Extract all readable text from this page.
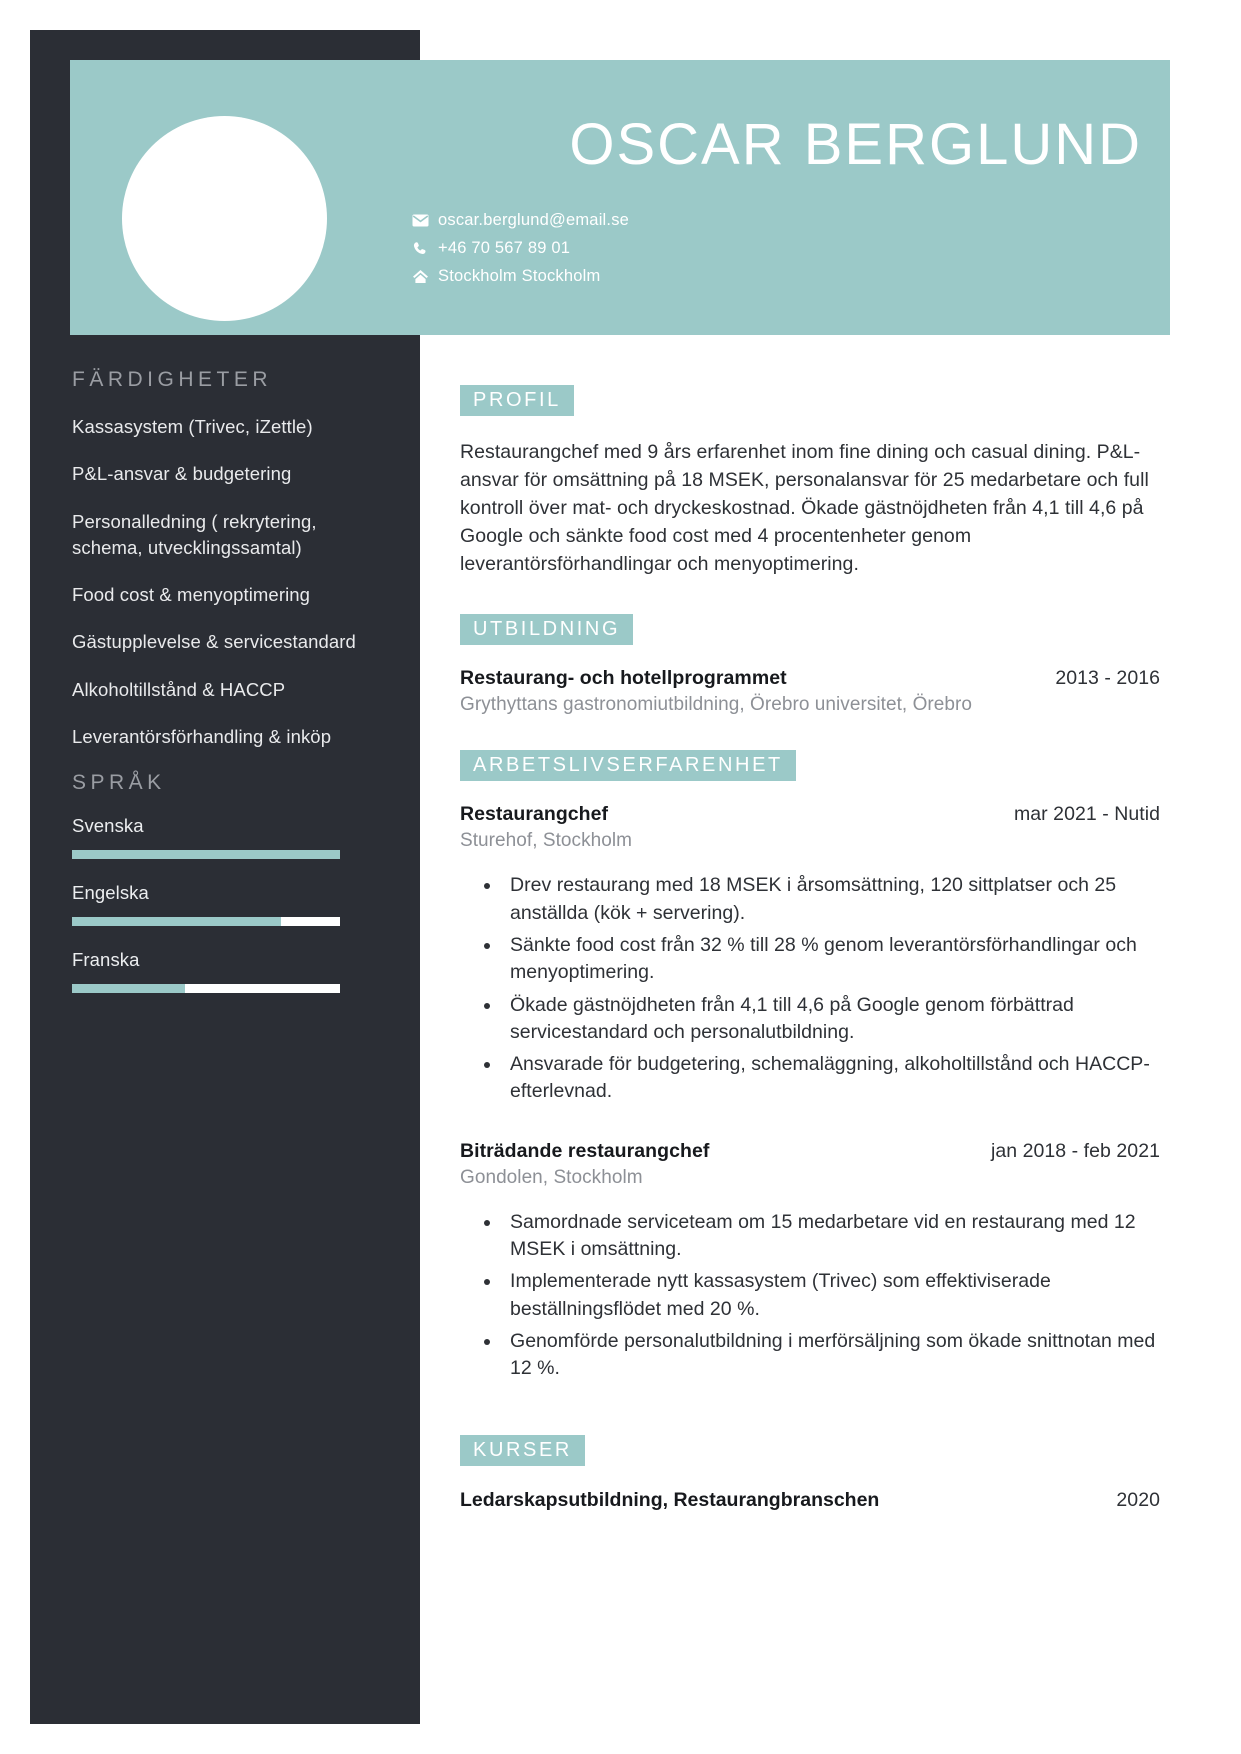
OSCAR BERGLUND
oscar.berglund@email.se
+46 70 567 89 01
Stockholm Stockholm
FÄRDIGHETER
Kassasystem (Trivec, iZettle)
P&L-ansvar & budgetering
Personalledning ( rekrytering, schema, utvecklingssamtal)
Food cost & menyoptimering
Gästupplevelse & servicestandard
Alkoholtillstånd & HACCP
Leverantörsförhandling & inköp
SPRÅK
Svenska
Engelska
Franska
PROFIL
Restaurangchef med 9 års erfarenhet inom fine dining och casual dining. P&L-ansvar för omsättning på 18 MSEK, personalansvar för 25 medarbetare och full kontroll över mat- och dryckeskostnad. Ökade gästnöjdheten från 4,1 till 4,6 på Google och sänkte food cost med 4 procentenheter genom leverantörsförhandlingar och menyoptimering.
UTBILDNING
Restaurang- och hotellprogrammet	2013 - 2016
Grythyttans gastronomiutbildning, Örebro universitet, Örebro
ARBETSLIVSERFARENHET
Restaurangchef	mar 2021 - Nutid
Sturehof, Stockholm
• Drev restaurang med 18 MSEK i årsomsättning, 120 sittplatser och 25 anställda (kök + servering).
• Sänkte food cost från 32 % till 28 % genom leverantörsförhandlingar och menyoptimering.
• Ökade gästnöjdheten från 4,1 till 4,6 på Google genom förbättrad servicestandard och personalutbildning.
• Ansvarade för budgetering, schemaläggning, alkoholtillstånd och HACCP-efterlevnad.
Biträdande restaurangchef	jan 2018 - feb 2021
Gondolen, Stockholm
• Samordnade serviceteam om 15 medarbetare vid en restaurang med 12 MSEK i omsättning.
• Implementerade nytt kassasystem (Trivec) som effektiviserade beställningsflödet med 20 %.
• Genomförde personalutbildning i merförsäljning som ökade snittnotan med 12 %.
KURSER
Ledarskapsutbildning, Restaurangbranschen	2020
